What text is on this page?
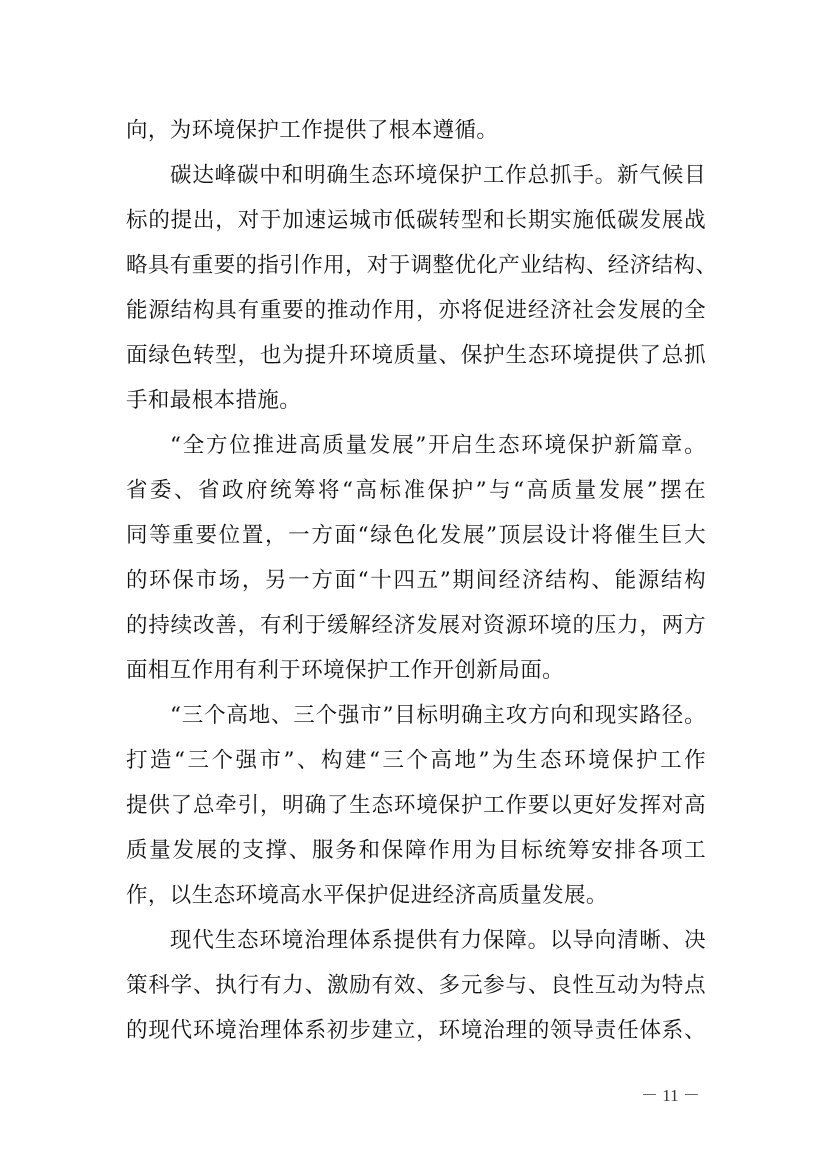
向，为环境保护工作提供了根本遵循。
碳达峰碳中和明确生态环境保护工作总抓手。新气候目
标的提出，对于加速运城市低碳转型和长期实施低碳发展战
略具有重要的指引作用，对于调整优化产业结构、经济结构、
能源结构具有重要的推动作用，亦将促进经济社会发展的全
面绿色转型，也为提升环境质量、保护生态环境提供了总抓
手和最根本措施。
“全方位推进高质量发展”开启生态环境保护新篇章。
省委、省政府统筹将“高标准保护”与“高质量发展”摆在
同等重要位置，一方面“绿色化发展”顶层设计将催生巨大
的环保市场，另一方面“十四五”期间经济结构、能源结构
的持续改善，有利于缓解经济发展对资源环境的压力，两方
面相互作用有利于环境保护工作开创新局面。
“三个高地、三个强市”目标明确主攻方向和现实路径。
打造“三个强市”、构建“三个高地”为生态环境保护工作
提供了总牵引，明确了生态环境保护工作要以更好发挥对高
质量发展的支撑、服务和保障作用为目标统筹安排各项工
作，以生态环境高水平保护促进经济高质量发展。
现代生态环境治理体系提供有力保障。以导向清晰、决
策科学、执行有力、激励有效、多元参与、良性互动为特点
的现代环境治理体系初步建立，环境治理的领导责任体系、
－ 11 －
